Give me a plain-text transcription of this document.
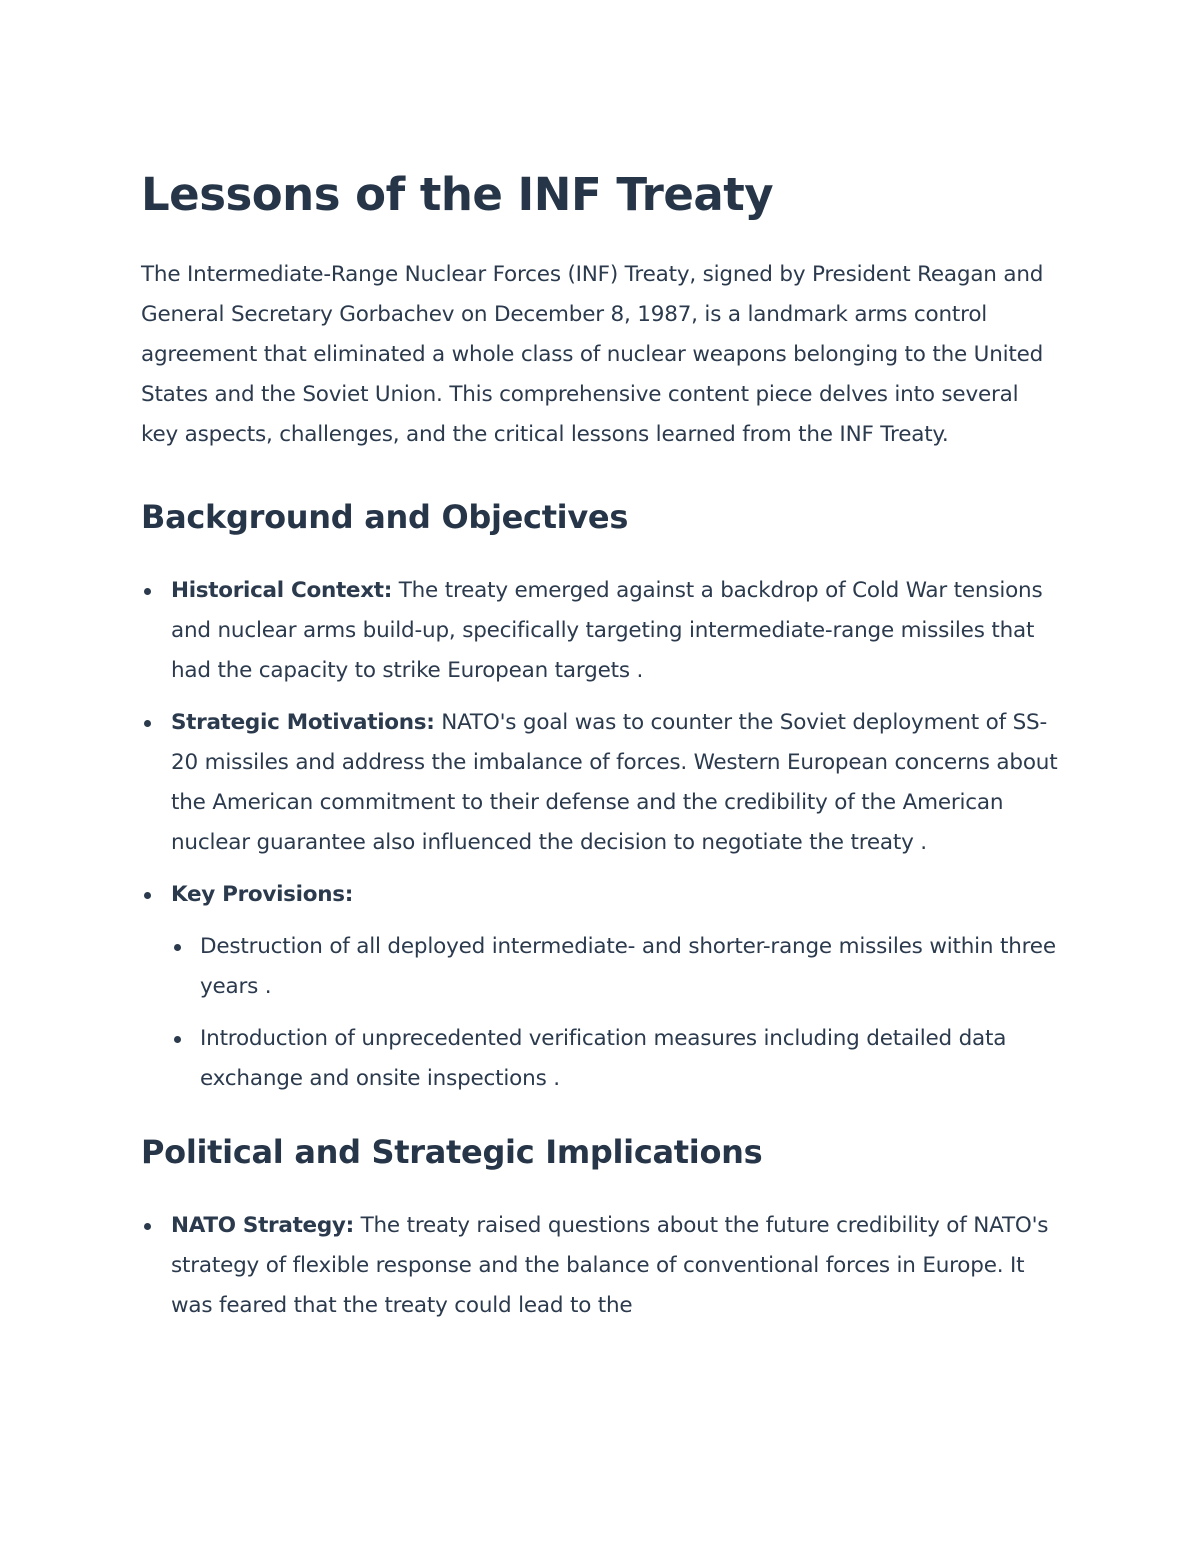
Lessons of the INF Treaty

The Intermediate-Range Nuclear Forces (INF) Treaty, signed by President Reagan and General Secretary Gorbachev on December 8, 1987, is a landmark arms control agreement that eliminated a whole class of nuclear weapons belonging to the United States and the Soviet Union. This comprehensive content piece delves into several key aspects, challenges, and the critical lessons learned from the INF Treaty.

Background and Objectives
Historical Context: The treaty emerged against a backdrop of Cold War tensions and nuclear arms build-up, specifically targeting intermediate-range missiles that had the capacity to strike European targets .
Strategic Motivations: NATO's goal was to counter the Soviet deployment of SS-20 missiles and address the imbalance of forces. Western European concerns about the American commitment to their defense and the credibility of the American nuclear guarantee also influenced the decision to negotiate the treaty .
Key Provisions:
Destruction of all deployed intermediate- and shorter-range missiles within three years .
Introduction of unprecedented verification measures including detailed data exchange and onsite inspections .
Political and Strategic Implications
NATO Strategy: The treaty raised questions about the future credibility of NATO's strategy of flexible response and the balance of conventional forces in Europe. It was feared that the treaty could lead to the
